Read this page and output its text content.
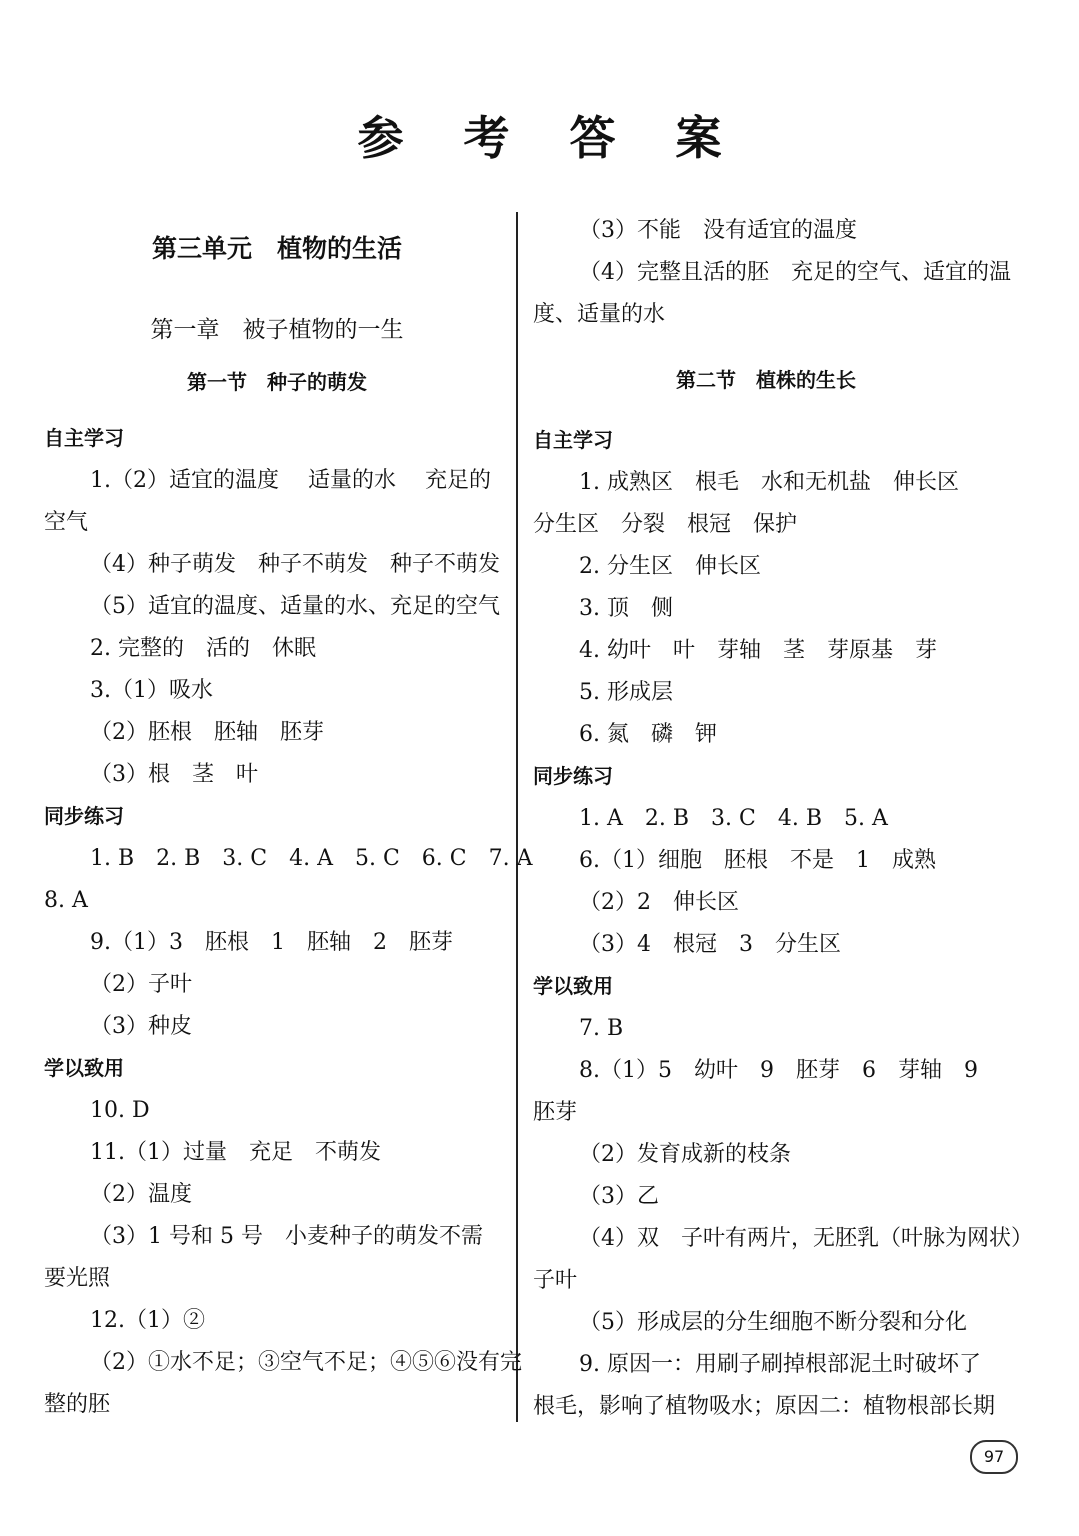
参 考 答 案
第三单元　植物的生活
第一章　被子植物的一生
第一节　种子的萌发
自主学习
1.（2）适宜的温度　 适量的水　 充足的
空气
（4）种子萌发　种子不萌发　种子不萌发
（5）适宜的温度、适量的水、充足的空气
2. 完整的　活的　休眠
3.（1）吸水
（2）胚根　胚轴　胚芽
（3）根　茎　叶
同步练习
1. B　2. B　3. C　4. A　5. C　6. C　7. A
8. A
9.（1）3　胚根　1　胚轴　2　胚芽
（2）子叶
（3）种皮
学以致用
10. D
11.（1）过量　充足　不萌发
（2）温度
（3）1 号和 5 号　小麦种子的萌发不需
要光照
12.（1）②
（2）①水不足；③空气不足；④⑤⑥没有完
整的胚
（3）不能　没有适宜的温度
（4）完整且活的胚　充足的空气、适宜的温
度、适量的水
第二节　植株的生长
自主学习
1. 成熟区　根毛　水和无机盐　伸长区
分生区　分裂　根冠　保护
2. 分生区　伸长区
3. 顶　侧
4. 幼叶　叶　芽轴　茎　芽原基　芽
5. 形成层
6. 氮　磷　钾
同步练习
1. A　2. B　3. C　4. B　5. A
6.（1）细胞　胚根　不是　1　成熟
（2）2　伸长区
（3）4　根冠　3　分生区
学以致用
7. B
8.（1）5　幼叶　9　胚芽　6　芽轴　9
胚芽
（2）发育成新的枝条
（3）乙
（4）双　子叶有两片，无胚乳（叶脉为网状）
子叶
（5）形成层的分生细胞不断分裂和分化
9. 原因一：用刷子刷掉根部泥土时破坏了
根毛，影响了植物吸水；原因二：植物根部长期
97
